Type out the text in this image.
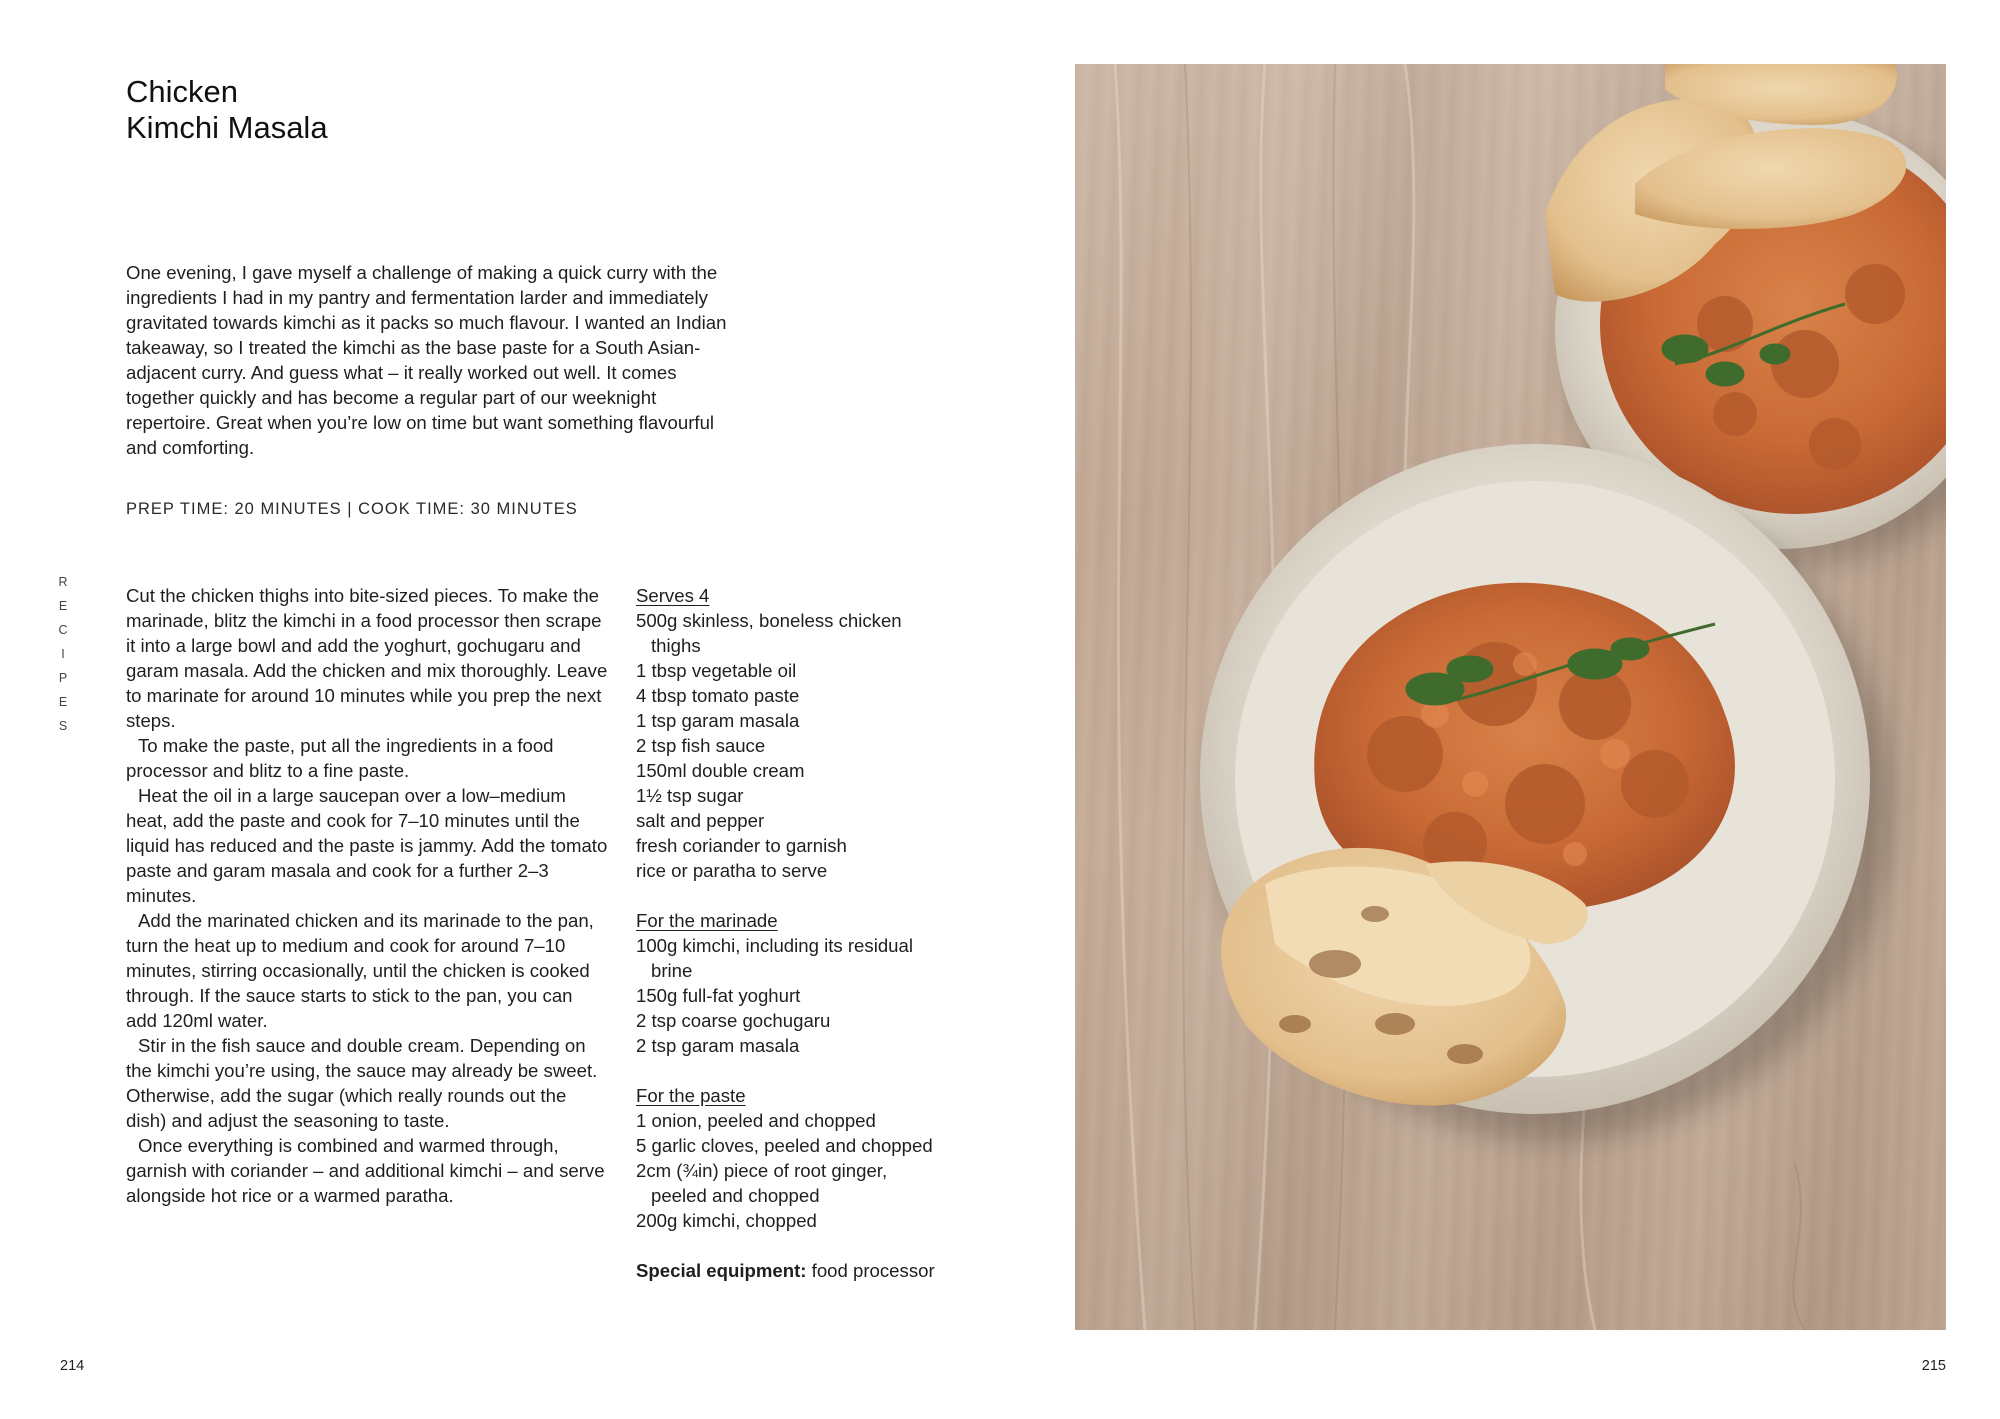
Chicken
Kimchi Masala
One evening, I gave myself a challenge of making a quick curry with the ingredients I had in my pantry and fermentation larder and immediately gravitated towards kimchi as it packs so much flavour. I wanted an Indian takeaway, so I treated the kimchi as the base paste for a South Asian-adjacent curry. And guess what – it really worked out well. It comes together quickly and has become a regular part of our weeknight repertoire. Great when you’re low on time but want something flavourful and comforting.
PREP TIME: 20 MINUTES | COOK TIME: 30 MINUTES
R
E
C
I
P
E
S

Cut the chicken thighs into bite-sized pieces. To make the marinade, blitz the kimchi in a food processor then scrape it into a large bowl and add the yoghurt, gochugaru and garam masala. Add the chicken and mix thoroughly. Leave to marinate for around 10 minutes while you prep the next steps.

To make the paste, put all the ingredients in a food processor and blitz to a fine paste.

Heat the oil in a large saucepan over a low–medium heat, add the paste and cook for 7–10 minutes until the liquid has reduced and the paste is jammy. Add the tomato paste and garam masala and cook for a further 2–3 minutes.

Add the marinated chicken and its marinade to the pan, turn the heat up to medium and cook for around 7–10 minutes, stirring occasionally, until the chicken is cooked through. If the sauce starts to stick to the pan, you can add 120ml water.

Stir in the fish sauce and double cream. Depending on the kimchi you’re using, the sauce may already be sweet. Otherwise, add the sugar (which really rounds out the dish) and adjust the seasoning to taste.

Once everything is combined and warmed through, garnish with coriander – and additional kimchi – and serve alongside hot rice or a warmed paratha.

Serves 4
500g skinless, boneless chicken thighs
1 tbsp vegetable oil
4 tbsp tomato paste
1 tsp garam masala
2 tsp fish sauce
150ml double cream
1½ tsp sugar
salt and pepper
fresh coriander to garnish
rice or paratha to serve
For the marinade
100g kimchi, including its residual brine
150g full-fat yoghurt
2 tsp coarse gochugaru
2 tsp garam masala
For the paste
1 onion, peeled and chopped
5 garlic cloves, peeled and chopped
2cm (¾in) piece of root ginger, peeled and chopped
200g kimchi, chopped
Special equipment: food processor
214	215
